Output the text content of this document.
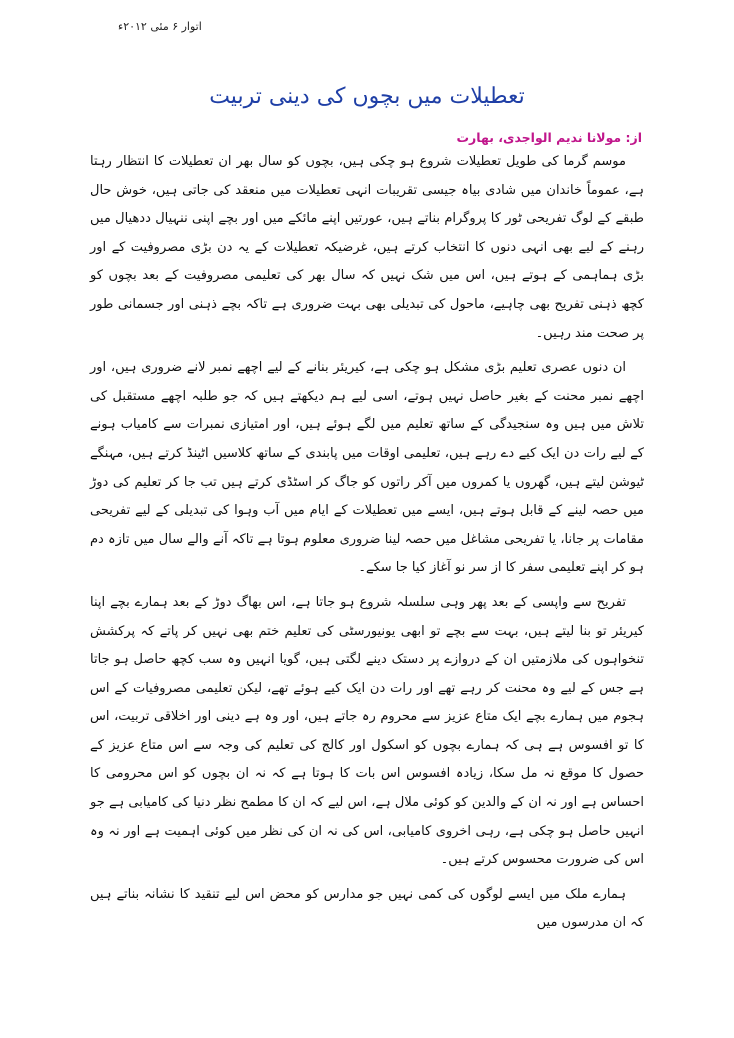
اتوار ۶ مئی ۲۰۱۲ء
تعطیلات میں بچوں کی دینی تربیت
از: مولانا ندیم الواجدی، بھارت

موسم گرما کی طویل تعطیلات شروع ہو چکی ہیں، بچوں کو سال بھر ان تعطیلات کا انتظار رہتا ہے، عموماً خاندان میں شادی بیاہ جیسی تقریبات انہی تعطیلات میں منعقد کی جاتی ہیں، خوش حال طبقے کے لوگ تفریحی ٹور کا پروگرام بناتے ہیں، عورتیں اپنے مائکے میں اور بچے اپنی ننہیال ددھیال میں رہنے کے لیے بھی انہی دنوں کا انتخاب کرتے ہیں، غرضیکہ تعطیلات کے یہ دن بڑی مصروفیت کے اور بڑی ہماہمی کے ہوتے ہیں، اس میں شک نہیں کہ سال بھر کی تعلیمی مصروفیت کے بعد بچوں کو کچھ ذہنی تفریح بھی چاہیے، ماحول کی تبدیلی بھی بہت ضروری ہے تاکہ بچے ذہنی اور جسمانی طور پر صحت مند رہیں۔

ان دنوں عصری تعلیم بڑی مشکل ہو چکی ہے، کیریئر بنانے کے لیے اچھے نمبر لانے ضروری ہیں، اور اچھے نمبر محنت کے بغیر حاصل نہیں ہوتے، اسی لیے ہم دیکھتے ہیں کہ جو طلبہ اچھے مستقبل کی تلاش میں ہیں وہ سنجیدگی کے ساتھ تعلیم میں لگے ہوئے ہیں، اور امتیازی نمبرات سے کامیاب ہونے کے لیے رات دن ایک کیے دے رہے ہیں، تعلیمی اوقات میں پابندی کے ساتھ کلاسیں اٹینڈ کرتے ہیں، مہنگے ٹیوشن لیتے ہیں، گھروں یا کمروں میں آکر راتوں کو جاگ کر اسٹڈی کرتے ہیں تب جا کر تعلیم کی دوڑ میں حصہ لینے کے قابل ہوتے ہیں، ایسے میں تعطیلات کے ایام میں آب وہوا کی تبدیلی کے لیے تفریحی مقامات پر جانا، یا تفریحی مشاغل میں حصہ لینا ضروری معلوم ہوتا ہے تاکہ آنے والے سال میں تازہ دم ہو کر اپنے تعلیمی سفر کا از سر نو آغاز کیا جا سکے۔

تفریح سے واپسی کے بعد پھر وہی سلسلہ شروع ہو جاتا ہے، اس بھاگ دوڑ کے بعد ہمارے بچے اپنا کیریئر تو بنا لیتے ہیں، بہت سے بچے تو ابھی یونیورسٹی کی تعلیم ختم بھی نہیں کر پاتے کہ پرکشش تنخواہوں کی ملازمتیں ان کے دروازے پر دستک دینے لگتی ہیں، گویا انہیں وہ سب کچھ حاصل ہو جاتا ہے جس کے لیے وہ محنت کر رہے تھے اور رات دن ایک کیے ہوئے تھے، لیکن تعلیمی مصروفیات کے اس ہجوم میں ہمارے بچے ایک متاع عزیز سے محروم رہ جاتے ہیں، اور وہ ہے دینی اور اخلاقی تربیت، اس کا تو افسوس ہے ہی کہ ہمارے بچوں کو اسکول اور کالج کی تعلیم کی وجہ سے اس متاع عزیز کے حصول کا موقع نہ مل سکا، زیادہ افسوس اس بات کا ہوتا ہے کہ نہ ان بچوں کو اس محرومی کا احساس ہے اور نہ ان کے والدین کو کوئی ملال ہے، اس لیے کہ ان کا مطمح نظر دنیا کی کامیابی ہے جو انہیں حاصل ہو چکی ہے، رہی اخروی کامیابی، اس کی نہ ان کی نظر میں کوئی اہمیت ہے اور نہ وہ اس کی ضرورت محسوس کرتے ہیں۔

ہمارے ملک میں ایسے لوگوں کی کمی نہیں جو مدارس کو محض اس لیے تنقید کا نشانہ بناتے ہیں کہ ان مدرسوں میں
